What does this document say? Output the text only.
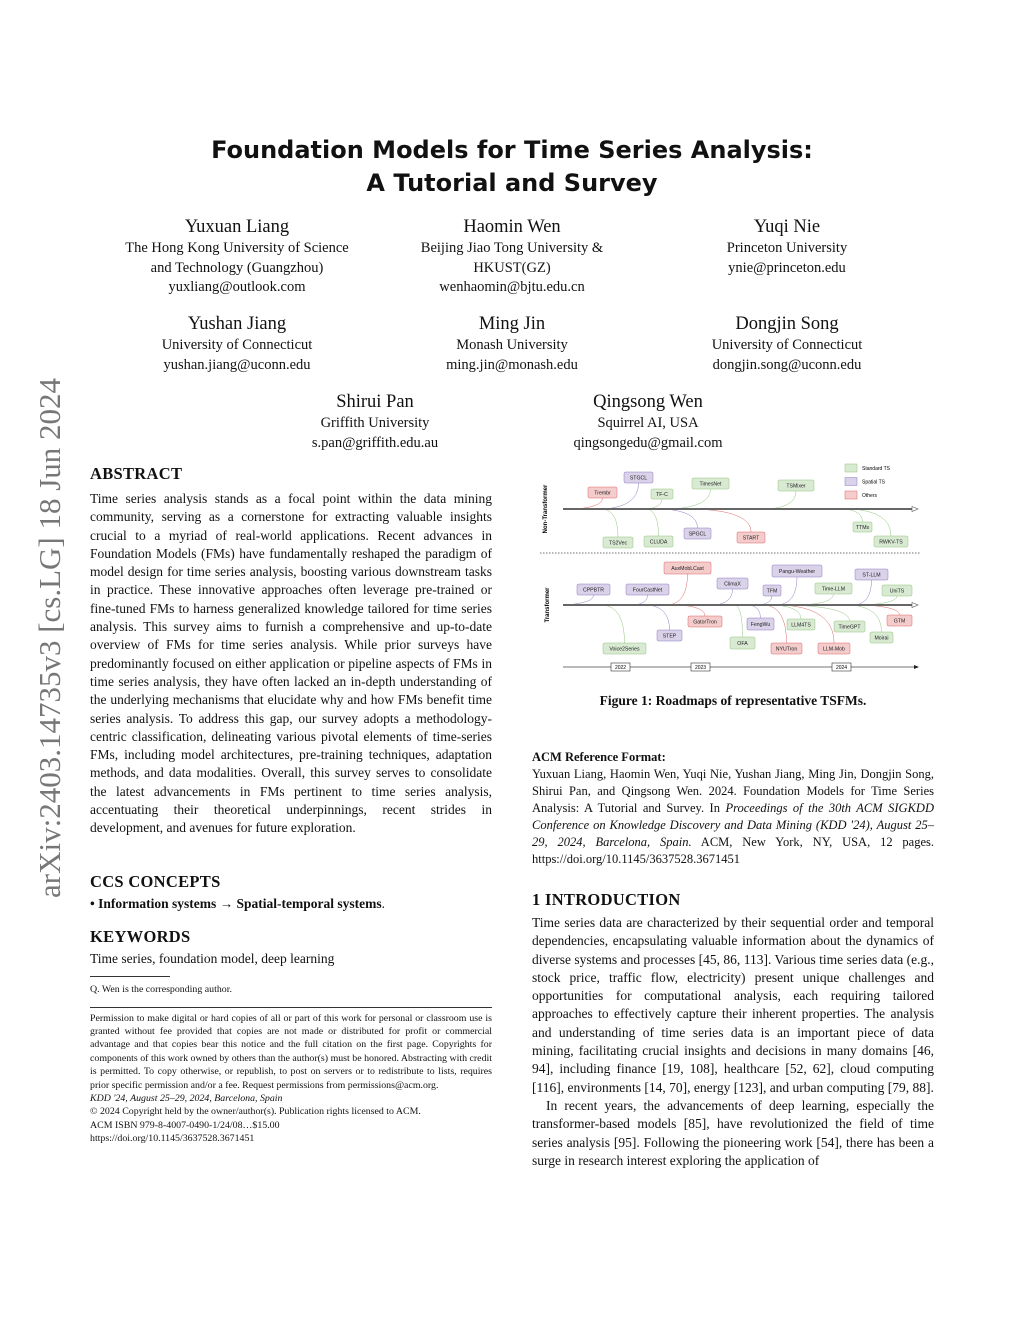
arXiv:2403.14735v3 [cs.LG] 18 Jun 2024
Foundation Models for Time Series Analysis:
A Tutorial and Survey
Yuxuan Liang
The Hong Kong University of Science
and Technology (Guangzhou)
yuxliang@outlook.com
Haomin Wen
Beijing Jiao Tong University &
HKUST(GZ)
wenhaomin@bjtu.edu.cn
Yuqi Nie
Princeton University
ynie@princeton.edu
Yushan Jiang
University of Connecticut
yushan.jiang@uconn.edu
Ming Jin
Monash University
ming.jin@monash.edu
Dongjin Song
University of Connecticut
dongjin.song@uconn.edu
Shirui Pan
Griffith University
s.pan@griffith.edu.au
Qingsong Wen
Squirrel AI, USA
qingsongedu@gmail.com
ABSTRACT
Time series analysis stands as a focal point within the data mining community, serving as a cornerstone for extracting valuable insights crucial to a myriad of real-world applications. Recent advances in Foundation Models (FMs) have fundamentally reshaped the paradigm of model design for time series analysis, boosting various downstream tasks in practice. These innovative approaches often leverage pre-trained or fine-tuned FMs to harness generalized knowledge tailored for time series analysis. This survey aims to furnish a comprehensive and up-to-date overview of FMs for time series analysis. While prior surveys have predominantly focused on either application or pipeline aspects of FMs in time series analysis, they have often lacked an in-depth understanding of the underlying mechanisms that elucidate why and how FMs benefit time series analysis. To address this gap, our survey adopts a methodology-centric classification, delineating various pivotal elements of time-series FMs, including model architectures, pre-training techniques, adaptation methods, and data modalities. Overall, this survey serves to consolidate the latest advancements in FMs pertinent to time series analysis, accentuating their theoretical underpinnings, recent strides in development, and avenues for future exploration.
CCS CONCEPTS
• Information systems → Spatial-temporal systems.
KEYWORDS
Time series, foundation model, deep learning
Q. Wen is the corresponding author.
Permission to make digital or hard copies of all or part of this work for personal or classroom use is granted without fee provided that copies are not made or distributed for profit or commercial advantage and that copies bear this notice and the full citation on the first page. Copyrights for components of this work owned by others than the author(s) must be honored. Abstracting with credit is permitted. To copy otherwise, or republish, to post on servers or to redistribute to lists, requires prior specific permission and/or a fee. Request permissions from permissions@acm.org.
KDD '24, August 25–29, 2024, Barcelona, Spain
© 2024 Copyright held by the owner/author(s). Publication rights licensed to ACM.
ACM ISBN 979-8-4007-0490-1/24/08…$15.00
https://doi.org/10.1145/3637528.3671451
Non-Transformer
Transformer
Trembr
STGCL
TF-C
TimesNet	TSMixer
TS2Vec	CLUDA
SPGCL
START
TTMs
RWKV-TS
CPPBTR	FourCastNet
AuxMobLCast
ClimaX
TFM
Pangu-Weather
Time-LLM
ST-LLM
UniTS
GatorTron
STEP
Voice2Series
OFA
FengWu	LLM4TS	TimeGPT
NYUTron	LLM-Mob
GTM
Moirai
Standard TS
Spatial TS
Others
2022	2023	2024
Figure 1: Roadmaps of representative TSFMs.
ACM Reference Format:
Yuxuan Liang, Haomin Wen, Yuqi Nie, Yushan Jiang, Ming Jin, Dongjin Song, Shirui Pan, and Qingsong Wen. 2024. Foundation Models for Time Series Analysis: A Tutorial and Survey. In Proceedings of the 30th ACM SIGKDD Conference on Knowledge Discovery and Data Mining (KDD '24), August 25–29, 2024, Barcelona, Spain. ACM, New York, NY, USA, 12 pages. https://doi.org/10.1145/3637528.3671451
1 INTRODUCTION
Time series data are characterized by their sequential order and temporal dependencies, encapsulating valuable information about the dynamics of diverse systems and processes [45, 86, 113]. Various time series data (e.g., stock price, traffic flow, electricity) present unique challenges and opportunities for computational analysis, each requiring tailored approaches to effectively capture their inherent properties. The analysis and understanding of time series data is an important piece of data mining, facilitating crucial insights and decisions in many domains [46, 94], including finance [19, 108], healthcare [52, 62], cloud computing [116], environments [14, 70], energy [123], and urban computing [79, 88].
In recent years, the advancements of deep learning, especially the transformer-based models [85], have revolutionized the field of time series analysis [95]. Following the pioneering work [54], there has been a surge in research interest exploring the application of
